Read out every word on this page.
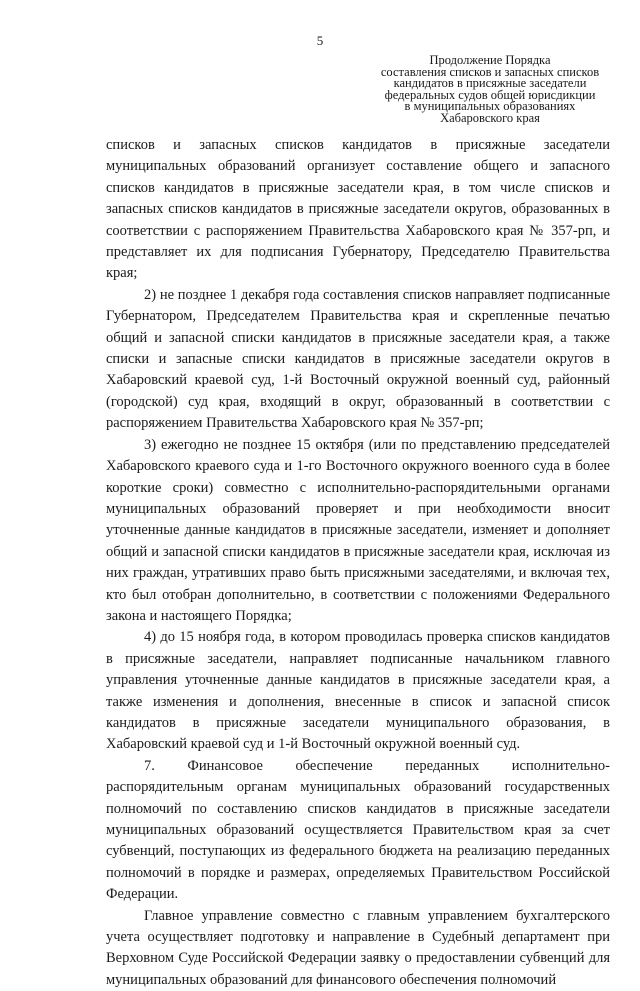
5
Продолжение Порядка
составления списков и запасных списков
кандидатов в присяжные заседатели
федеральных судов общей юрисдикции
в муниципальных образованиях
Хабаровского края

списков и запасных списков кандидатов в присяжные заседатели муниципальных образований организует составление общего и запасного списков кандидатов в присяжные заседатели края, в том числе списков и запасных списков кандидатов в присяжные заседатели округов, образованных в соответствии с распоряжением Правительства Хабаровского края № 357-рп, и представляет их для подписания Губернатору, Председателю Правительства края;

2) не позднее 1 декабря года составления списков направляет подписанные Губернатором, Председателем Правительства края и скрепленные печатью общий и запасной списки кандидатов в присяжные заседатели края, а также списки и запасные списки кандидатов в присяжные заседатели округов в Хабаровский краевой суд, 1-й Восточный окружной военный суд, районный (городской) суд края, входящий в округ, образованный в соответствии с распоряжением Правительства Хабаровского края № 357-рп;

3) ежегодно не позднее 15 октября (или по представлению председателей Хабаровского краевого суда и 1-го Восточного окружного военного суда в более короткие сроки) совместно с исполнительно-распорядительными органами муниципальных образований проверяет и при необходимости вносит уточненные данные кандидатов в присяжные заседатели, изменяет и дополняет общий и запасной списки кандидатов в присяжные заседатели края, исключая из них граждан, утративших право быть присяжными заседателями, и включая тех, кто был отобран дополнительно, в соответствии с положениями Федерального закона и настоящего Порядка;

4) до 15 ноября года, в котором проводилась проверка списков кандидатов в присяжные заседатели, направляет подписанные начальником главного управления уточненные данные кандидатов в присяжные заседатели края, а также изменения и дополнения, внесенные в список и запасной список кандидатов в присяжные заседатели муниципального образования, в Хабаровский краевой суд и 1-й Восточный окружной военный суд.

7. Финансовое обеспечение переданных исполнительно-распорядительным органам муниципальных образований государственных полномочий по составлению списков кандидатов в присяжные заседатели муниципальных образований осуществляется Правительством края за счет субвенций, поступающих из федерального бюджета на реализацию переданных полномочий в порядке и размерах, определяемых Правительством Российской Федерации.

Главное управление совместно с главным управлением бухгалтерского учета осуществляет подготовку и направление в Судебный департамент при Верховном Суде Российской Федерации заявку о предоставлении субвенций для муниципальных образований для финансового обеспечения полномочий
